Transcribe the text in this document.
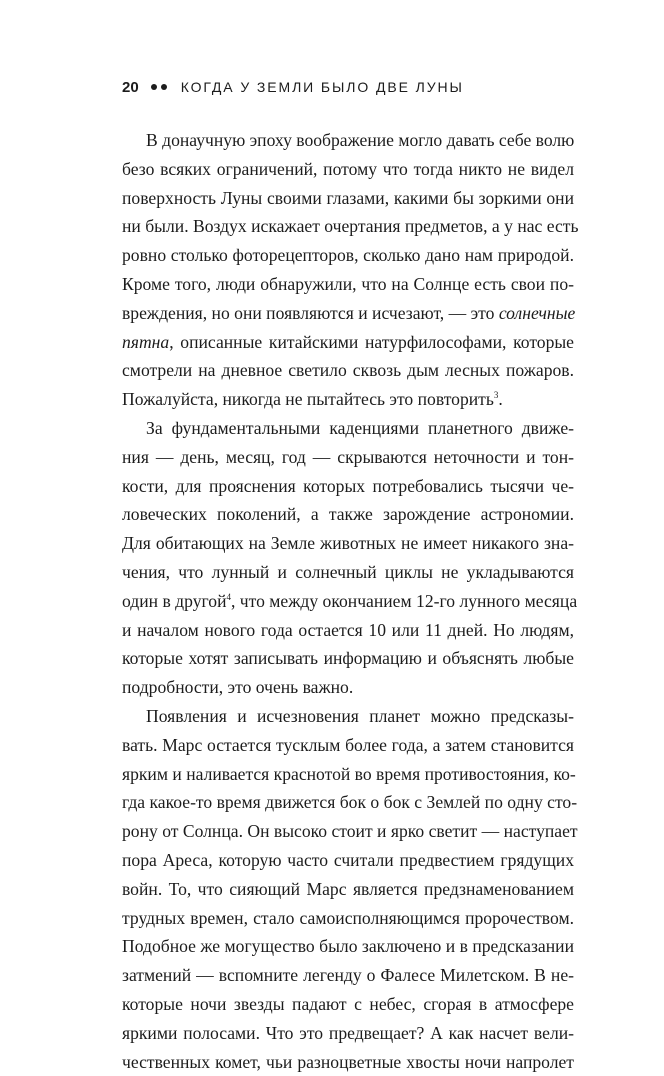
20	КОГДА У ЗЕМЛИ БЫЛО ДВЕ ЛУНЫ
В донаучную эпоху воображение могло давать себе волю
безо всяких ограничений, потому что тогда никто не видел
поверхность Луны своими глазами, какими бы зоркими они
ни были. Воздух искажает очертания предметов, а у нас есть
ровно столько фоторецепторов, сколько дано нам природой.
Кроме того, люди обнаружили, что на Солнце есть свои по-
вреждения, но они появляются и исчезают, — это солнечные
пятна, описанные китайскими натурфилософами, которые
смотрели на дневное светило сквозь дым лесных пожаров.
Пожалуйста, никогда не пытайтесь это повторить$^3$.
За фундаментальными каденциями планетного движе-
ния — день, месяц, год — скрываются неточности и тон-
кости, для прояснения которых потребовались тысячи че-
ловеческих поколений, а также зарождение астрономии.
Для обитающих на Земле животных не имеет никакого зна-
чения, что лунный и солнечный циклы не укладываются
один в другой$^4$, что между окончанием 12-го лунного месяца
и началом нового года остается 10 или 11 дней. Но людям,
которые хотят записывать информацию и объяснять любые
подробности, это очень важно.
Появления и исчезновения планет можно предсказы-
вать. Марс остается тусклым более года, а затем становится
ярким и наливается краснотой во время противостояния, ко-
гда какое-то время движется бок о бок с Землей по одну сто-
рону от Солнца. Он высоко стоит и ярко светит — наступает
пора Ареса, которую часто считали предвестием грядущих
войн. То, что сияющий Марс является предзнаменованием
трудных времен, стало самоисполняющимся пророчеством.
Подобное же могущество было заключено и в предсказании
затмений — вспомните легенду о Фалесе Милетском. В не-
которые ночи звезды падают с небес, сгорая в атмосфере
яркими полосами. Что это предвещает? А как насчет вели-
чественных комет, чьи разноцветные хвосты ночи напролет
